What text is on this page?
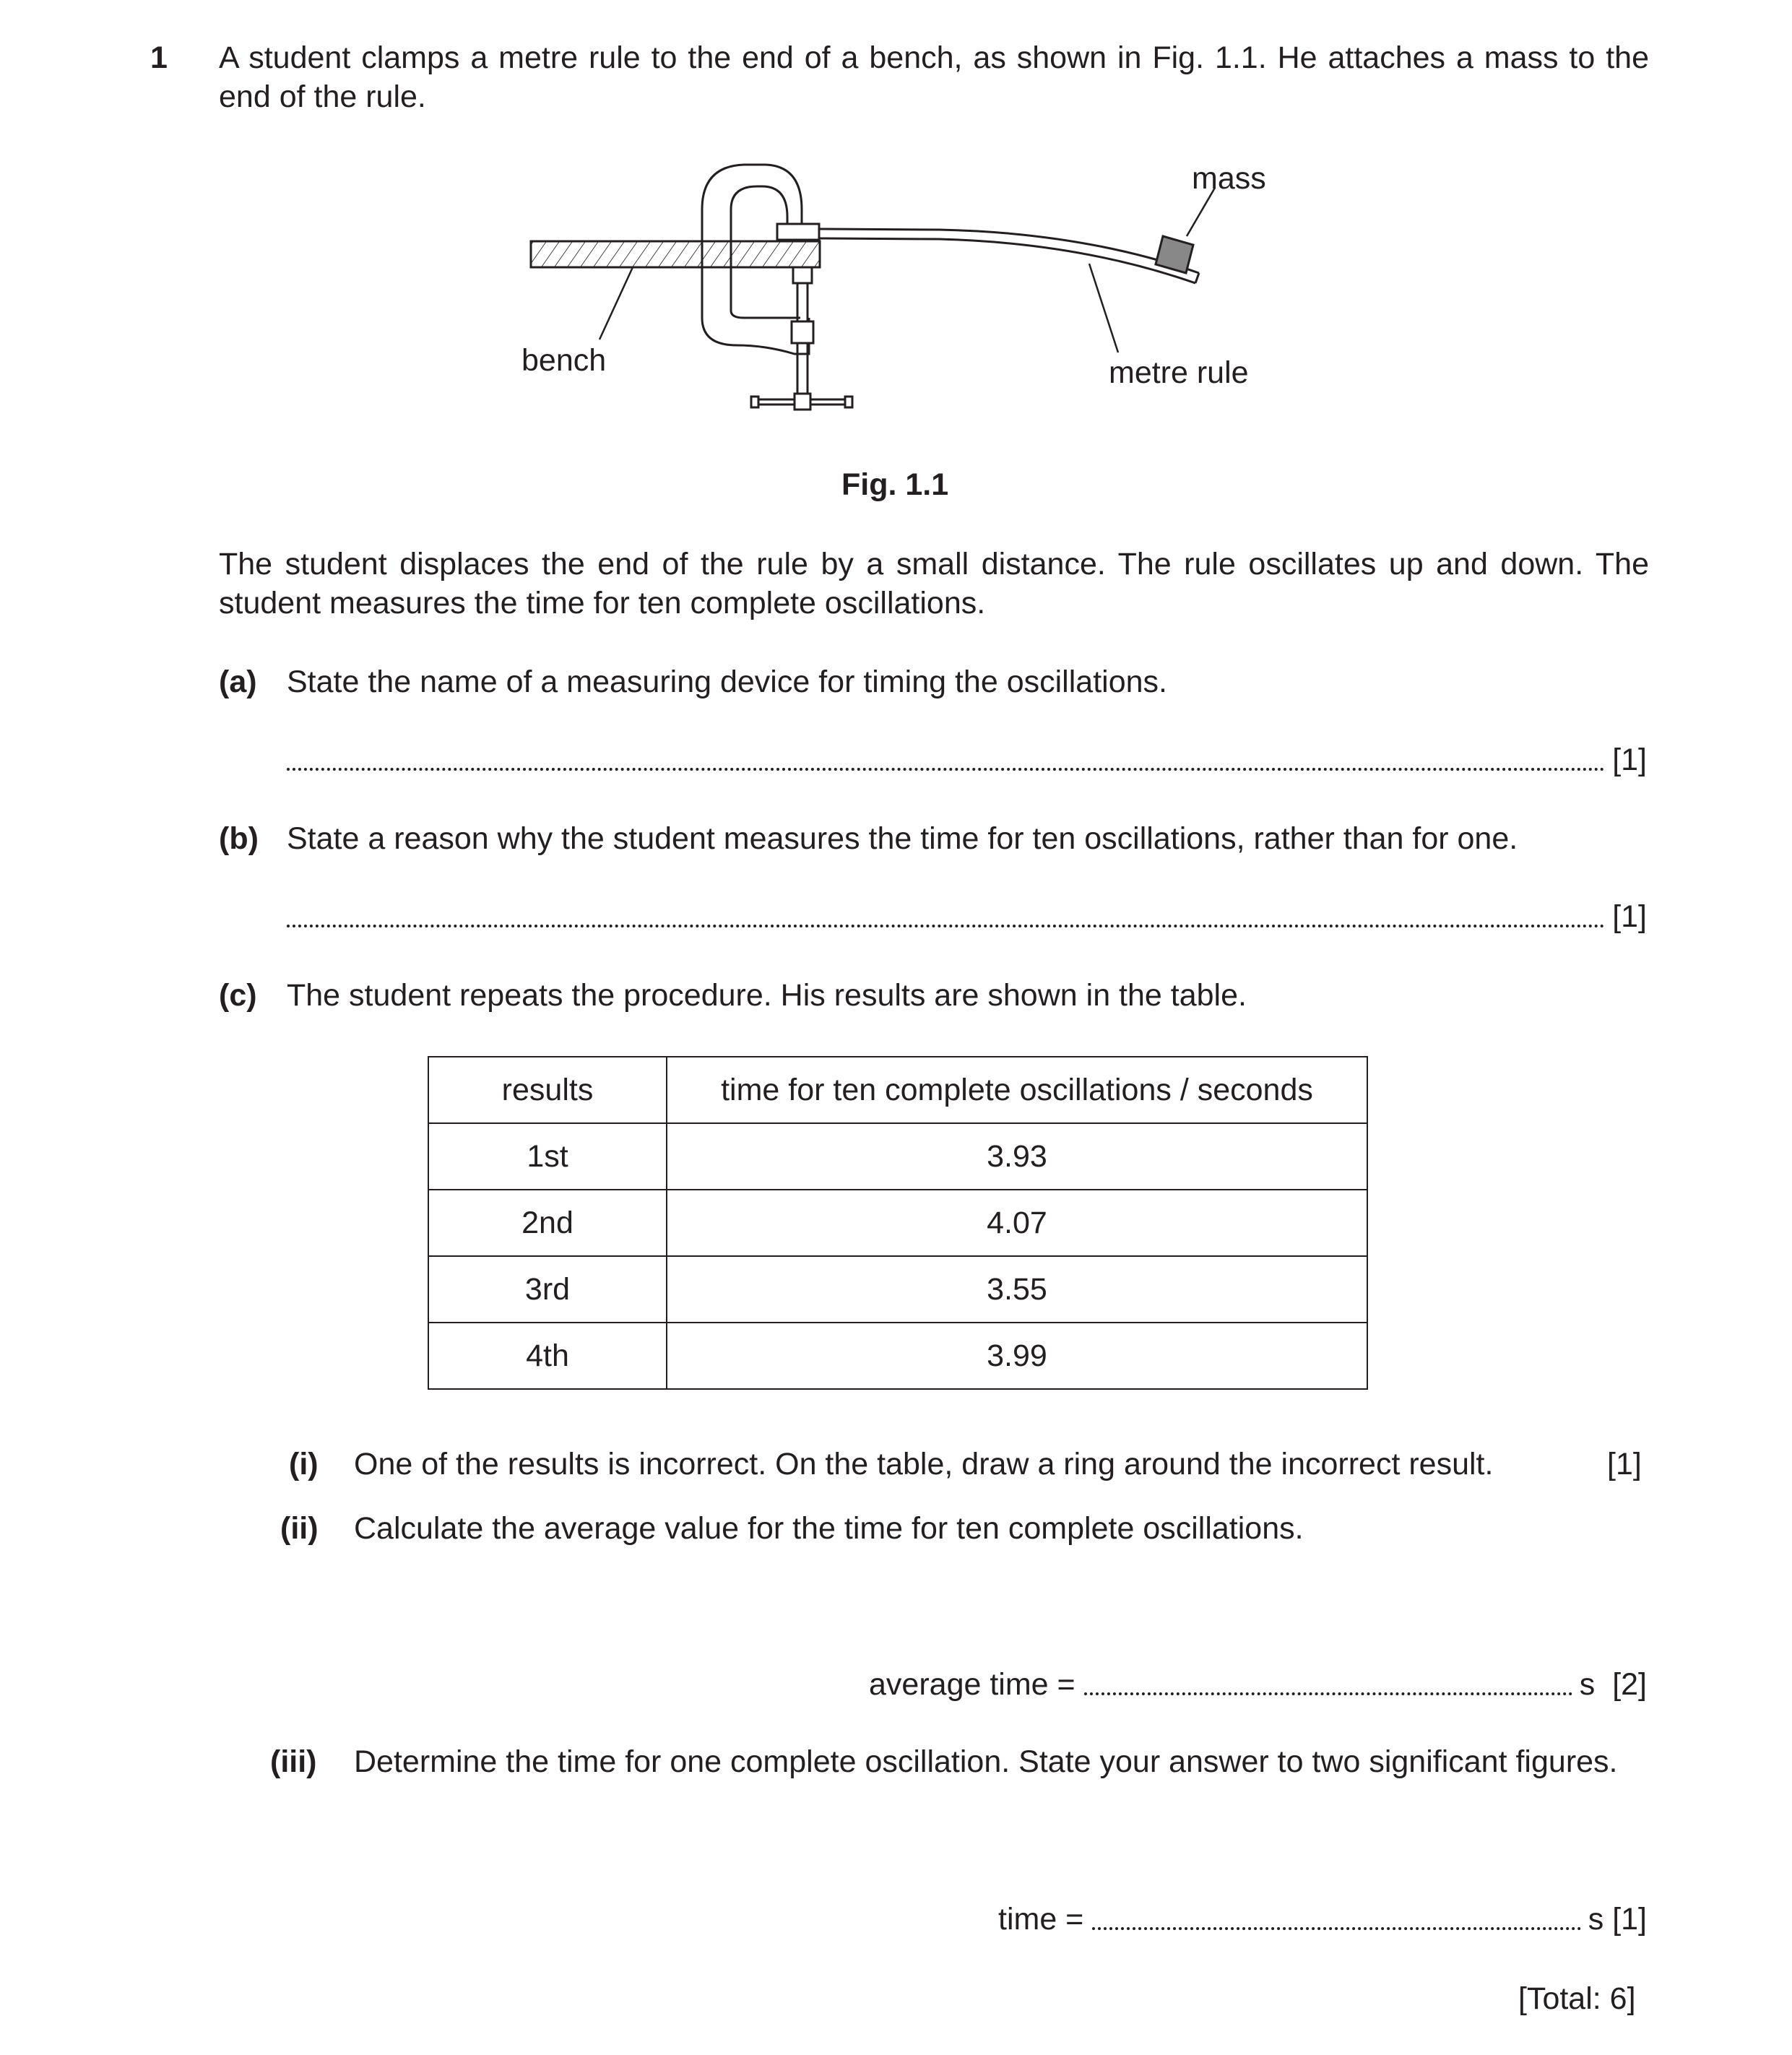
1 A student clamps a metre rule to the end of a bench, as shown in Fig. 1.1. He attaches a mass to the end of the rule.
mass
bench	metre rule
Fig. 1.1
The student displaces the end of the rule by a small distance. The rule oscillates up and down. The student measures the time for ten complete oscillations.
(a) State the name of a measuring device for timing the oscillations.
[1]
(b) State a reason why the student measures the time for ten oscillations, rather than for one.
[1]
(c) The student repeats the procedure. His results are shown in the table.
results	time for ten complete oscillations / seconds
1st	3.93
2nd	4.07
3rd	3.55
4th	3.99
(i) One of the results is incorrect. On the table, draw a ring around the incorrect result.	[1]
(ii) Calculate the average value for the time for ten complete oscillations.
average time =	s [2]
(iii) Determine the time for one complete oscillation. State your answer to two significant figures.
time =	s [1]
[Total: 6]
